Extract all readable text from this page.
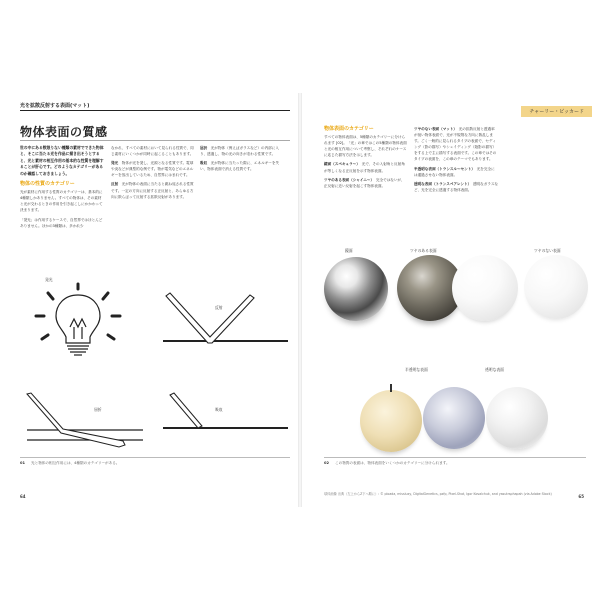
光を拡散反射する表面(マット)
物体表面の質感

世の中にある数限りない種類の素材でできた物体と、そこに当たる光を作品に描き出そうとすると、光と素材の相互作用の基本的な性質を理解することが肝心です。どのようなカテゴリーがあるのか確認しておきましょう。

物体の性質のカテゴリー

光が素材に作用する性質のカテゴリーは、基本的に4種類しかありません。すべての物体は、その素材と光が交わるときの作用を引き起こしにかかわって決まります。

「発光」は作用するケースで、自然界ではほとんどありません。ほかの3種類は、多かれ少

なかれ、すべての素材において見られる性質で、同じ素材にいくつかが同時に起こることもあります。

発光　 物体が光を発し、光源となる性質です。電球や炎などが典型的な例です。物が電気などのエネルギーを放出しているため、自然界にはまれです。

反射　 光が物体の表面に当たると跳ね返される性質です。一定の方向に反射する正反射と、あらゆる方向に散らばって反射する拡散反射があります。

屈折　 光が物体（例えばガラスなど）の内部に入り、透過し、物の光の向きが変わる性質です。

吸収　 光が物体に当たった際に、エネルギーを失い、物体表面で消える性質です。

発光
反射
屈折	吸収
01 光と物体の相互作用には、4種類のカテゴリーがある。
64
チャーリー・ピッカード
物体表面のカテゴリー

すべての物体表面は、5種類のカテゴリーに分けられます [02]。「光」の章ではこの5種類の物体表面と光の相互作用について考察し、それぞれのケースに応じた描写方法を示します。

鏡面（スペキュラー）　 光で、その入射角と反射角が等しくなる正反射を示す物体表面。

ツヤのある表面（シャイニー）　 完全ではないが、正反射に近い反射を起こす物体表面。

ツヤのない表面（マット）　 光の拡散反射と透過率が低い物体表面で、光が不規則な方向に散乱します。ごく一般的に見られるタイプの表面で、セディング（影の描写）やシェイディング（陰影の描写）をする上で主に描写する表面です。この章ではそのタイプの表面を、この章のテーマでもあります。

半透明な表面（トランスルーセント）　 光を完全には通過させない物体表面。

透明な表面（トランスペアレント）　 透明なガラスなど、光を完全に透過する物体表面。

鏡面	ツヤのある表面	ツヤのない表面
半透明な表面	透明な表面
02 この物質の表面は、物体表面をいくつかのカテゴリーに分けられます。
球体画像 出典（左上からZ下へ順に）: © ploada, missluxy, DigitalGenetics, pzfp, Pixel-Shot, Igor Kovalchuk, and yasutrsphapah (via Adobe Stock)	65
